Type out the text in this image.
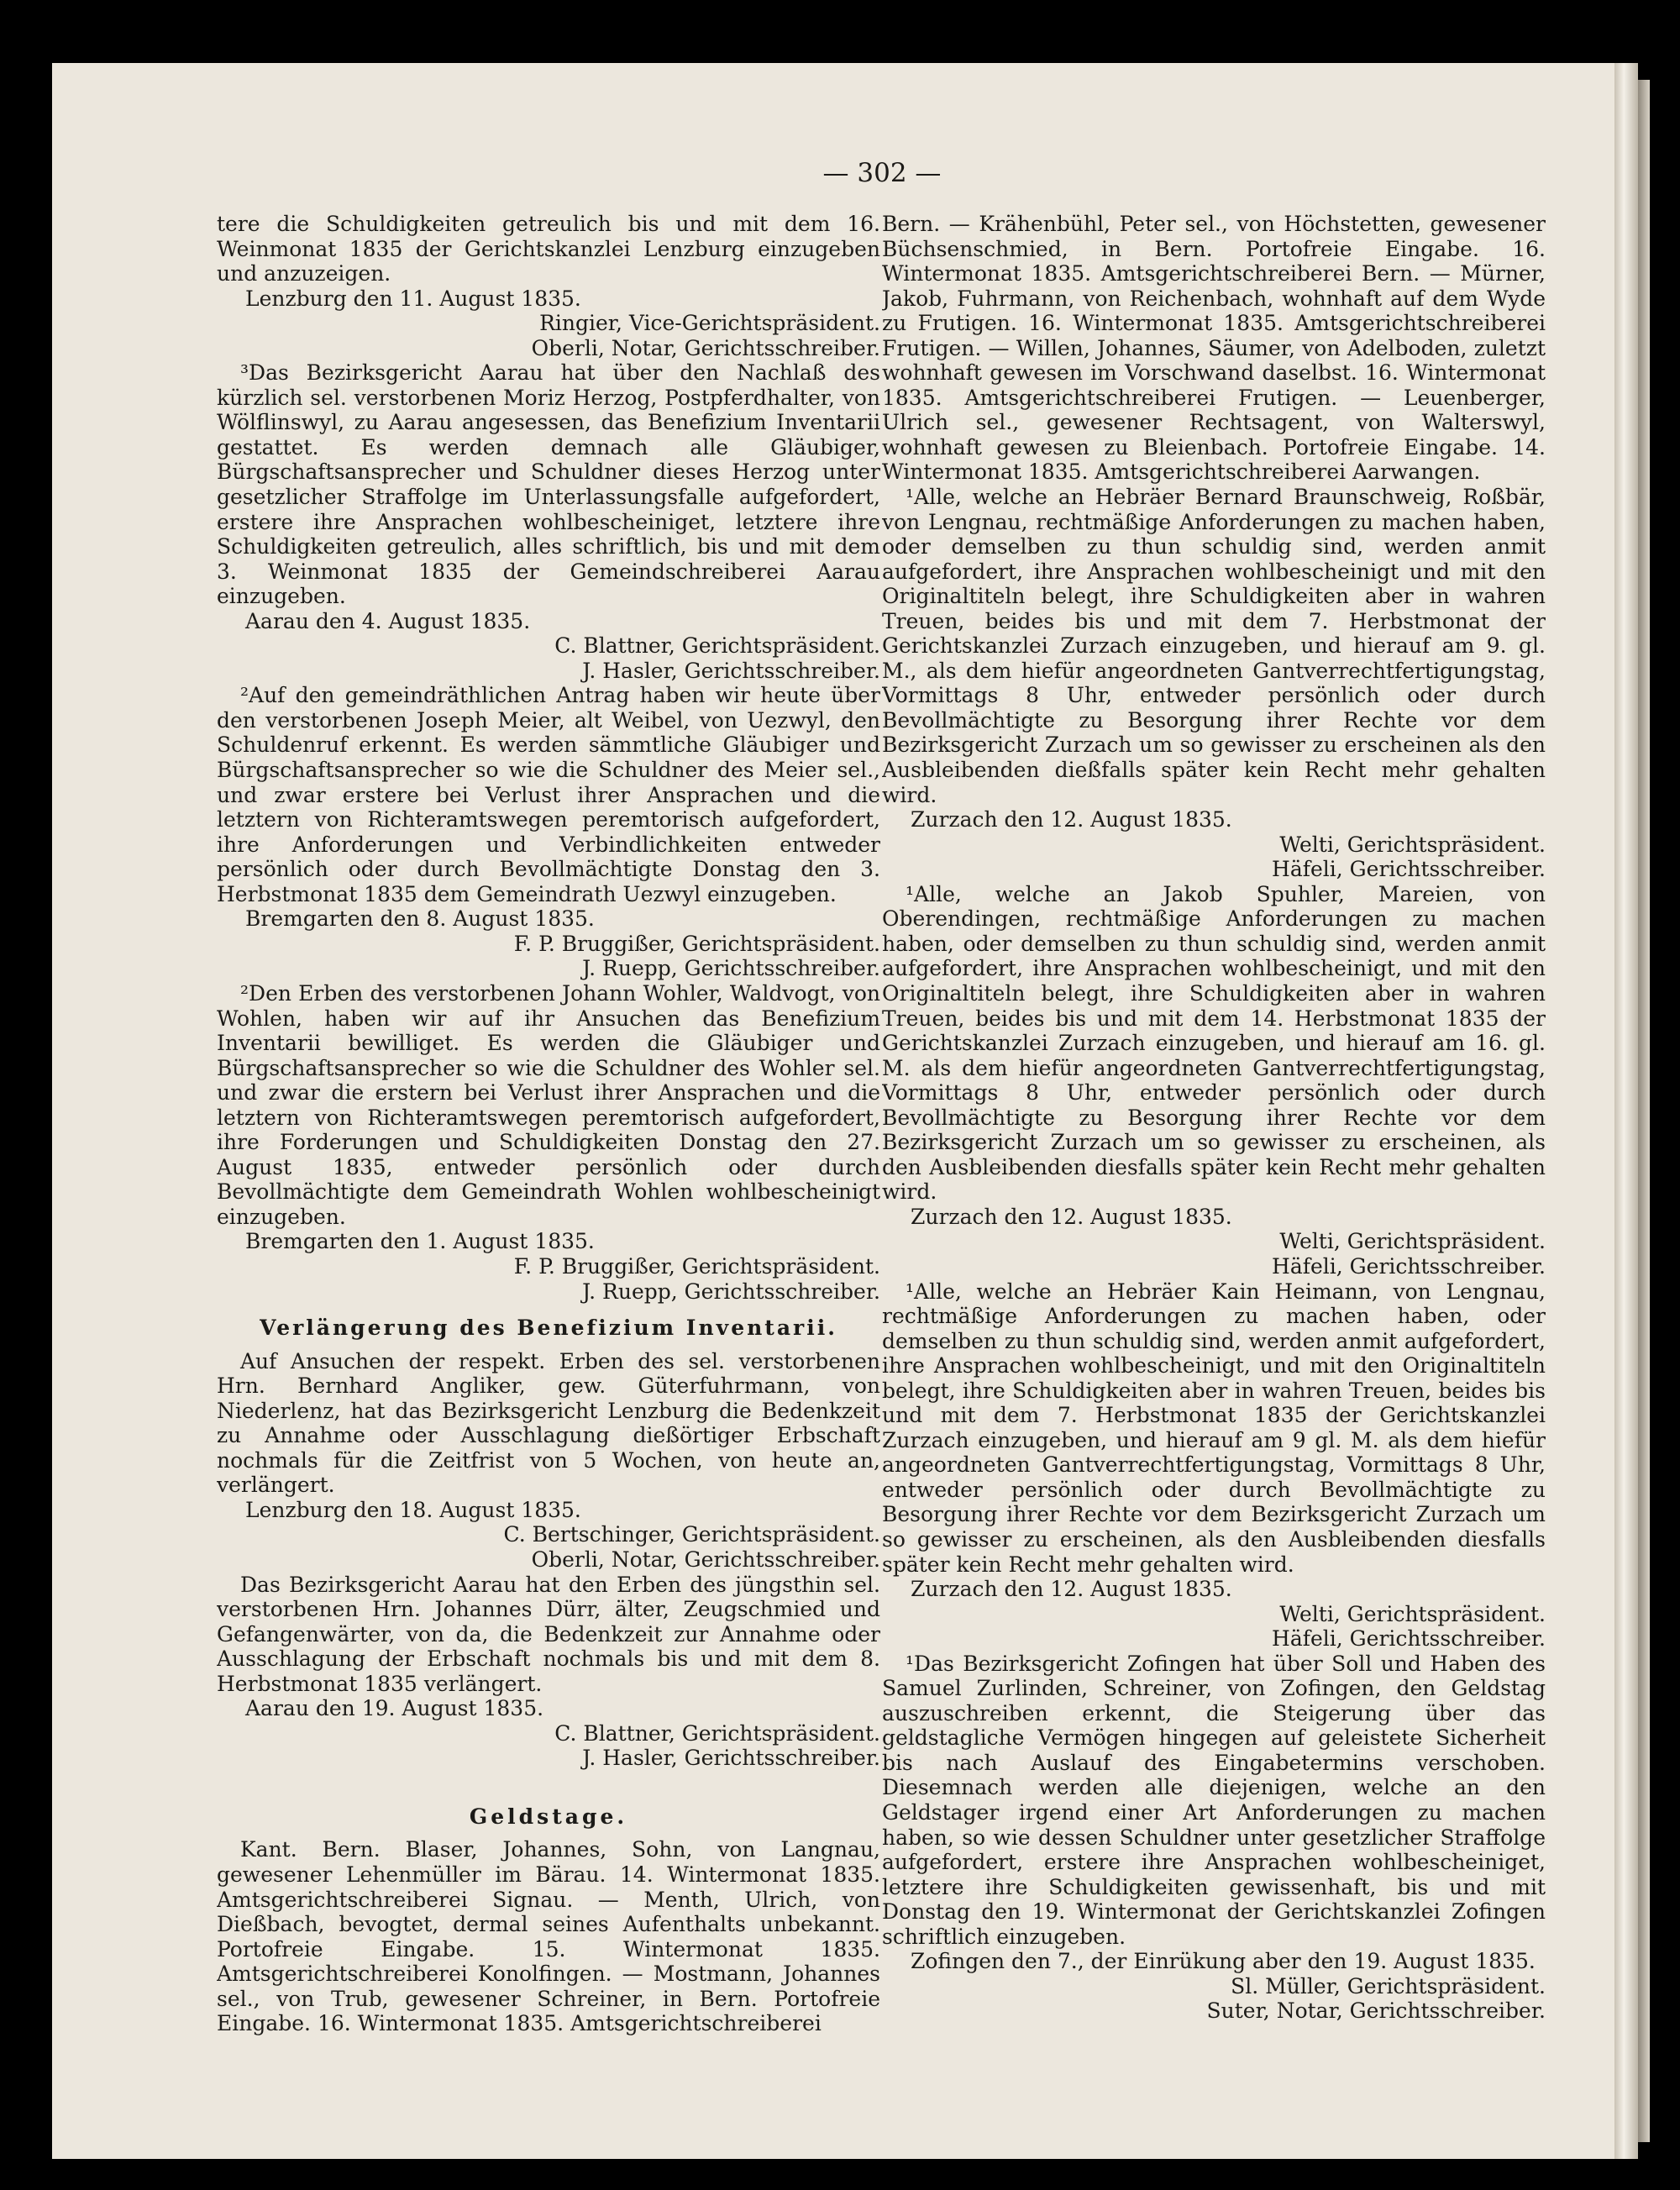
— 302 —

tere die Schuldigkeiten getreulich bis und mit dem 16. Weinmonat 1835 der Gerichtskanzlei Lenzburg einzugeben und anzuzeigen.

Lenzburg den 11. August 1835.

Ringier, Vice-Gerichtspräsident.

Oberli, Notar, Gerichtsschreiber.

³Das Bezirksgericht Aarau hat über den Nachlaß des kürzlich sel. verstorbenen Moriz Herzog, Postpferdhalter, von Wölflinswyl, zu Aarau angesessen, das Benefizium Inventarii gestattet. Es werden demnach alle Gläubiger, Bürgschaftsansprecher und Schuldner dieses Herzog unter gesetzlicher Straffolge im Unterlassungsfalle aufgefordert, erstere ihre Ansprachen wohlbescheiniget, letztere ihre Schuldigkeiten getreulich, alles schriftlich, bis und mit dem 3. Weinmonat 1835 der Gemeindschreiberei Aarau einzugeben.

Aarau den 4. August 1835.

C. Blattner, Gerichtspräsident.

J. Hasler, Gerichtsschreiber.

²Auf den gemeindräthlichen Antrag haben wir heute über den verstorbenen Joseph Meier, alt Weibel, von Uezwyl, den Schuldenruf erkennt. Es werden sämmtliche Gläubiger und Bürgschaftsansprecher so wie die Schuldner des Meier sel., und zwar erstere bei Verlust ihrer Ansprachen und die letztern von Richteramtswegen peremtorisch aufgefordert, ihre Anforderungen und Verbindlichkeiten entweder persönlich oder durch Bevollmächtigte Donstag den 3. Herbstmonat 1835 dem Gemeindrath Uezwyl einzugeben.

Bremgarten den 8. August 1835.

F. P. Bruggißer, Gerichtspräsident.

J. Ruepp, Gerichtsschreiber.

²Den Erben des verstorbenen Johann Wohler, Waldvogt, von Wohlen, haben wir auf ihr Ansuchen das Benefizium Inventarii bewilliget. Es werden die Gläubiger und Bürgschaftsansprecher so wie die Schuldner des Wohler sel. und zwar die erstern bei Verlust ihrer Ansprachen und die letztern von Richteramtswegen peremtorisch aufgefordert, ihre Forderungen und Schuldigkeiten Donstag den 27. August 1835, entweder persönlich oder durch Bevollmächtigte dem Gemeindrath Wohlen wohlbescheinigt einzugeben.

Bremgarten den 1. August 1835.

F. P. Bruggißer, Gerichtspräsident.

J. Ruepp, Gerichtsschreiber.

Verlängerung des Benefizium Inventarii.

Auf Ansuchen der respekt. Erben des sel. verstorbenen Hrn. Bernhard Angliker, gew. Güterfuhrmann, von Niederlenz, hat das Bezirksgericht Lenzburg die Bedenkzeit zu Annahme oder Ausschlagung dießörtiger Erbschaft nochmals für die Zeitfrist von 5 Wochen, von heute an, verlängert.

Lenzburg den 18. August 1835.

C. Bertschinger, Gerichtspräsident.

Oberli, Notar, Gerichtsschreiber.

Das Bezirksgericht Aarau hat den Erben des jüngsthin sel. verstorbenen Hrn. Johannes Dürr, älter, Zeugschmied und Gefangenwärter, von da, die Bedenkzeit zur Annahme oder Ausschlagung der Erbschaft nochmals bis und mit dem 8. Herbstmonat 1835 verlängert.

Aarau den 19. August 1835.

C. Blattner, Gerichtspräsident.

J. Hasler, Gerichtsschreiber.

Geldstage.

Kant. Bern. Blaser, Johannes, Sohn, von Langnau, gewesener Lehenmüller im Bärau. 14. Wintermonat 1835. Amtsgerichtschreiberei Signau. — Menth, Ulrich, von Dießbach, bevogtet, dermal seines Aufenthalts unbekannt. Portofreie Eingabe. 15. Wintermonat 1835. Amtsgerichtschreiberei Konolfingen. — Mostmann, Johannes sel., von Trub, gewesener Schreiner, in Bern. Portofreie Eingabe. 16. Wintermonat 1835. Amtsgerichtschreiberei

Bern. — Krähenbühl, Peter sel., von Höchstetten, gewesener Büchsenschmied, in Bern. Portofreie Eingabe. 16. Wintermonat 1835. Amtsgerichtschreiberei Bern. — Mürner, Jakob, Fuhrmann, von Reichenbach, wohnhaft auf dem Wyde zu Frutigen. 16. Wintermonat 1835. Amtsgerichtschreiberei Frutigen. — Willen, Johannes, Säumer, von Adelboden, zuletzt wohnhaft gewesen im Vorschwand daselbst. 16. Wintermonat 1835. Amtsgerichtschreiberei Frutigen. — Leuenberger, Ulrich sel., gewesener Rechtsagent, von Walterswyl, wohnhaft gewesen zu Bleienbach. Portofreie Eingabe. 14. Wintermonat 1835. Amtsgerichtschreiberei Aarwangen.

¹Alle, welche an Hebräer Bernard Braunschweig, Roßbär, von Lengnau, rechtmäßige Anforderungen zu machen haben, oder demselben zu thun schuldig sind, werden anmit aufgefordert, ihre Ansprachen wohlbescheinigt und mit den Originaltiteln belegt, ihre Schuldigkeiten aber in wahren Treuen, beides bis und mit dem 7. Herbstmonat der Gerichtskanzlei Zurzach einzugeben, und hierauf am 9. gl. M., als dem hiefür angeordneten Gantverrechtfertigungstag, Vormittags 8 Uhr, entweder persönlich oder durch Bevollmächtigte zu Besorgung ihrer Rechte vor dem Bezirksgericht Zurzach um so gewisser zu erscheinen als den Ausbleibenden dießfalls später kein Recht mehr gehalten wird.

Zurzach den 12. August 1835.

Welti, Gerichtspräsident.

Häfeli, Gerichtsschreiber.

¹Alle, welche an Jakob Spuhler, Mareien, von Oberendingen, rechtmäßige Anforderungen zu machen haben, oder demselben zu thun schuldig sind, werden anmit aufgefordert, ihre Ansprachen wohlbescheinigt, und mit den Originaltiteln belegt, ihre Schuldigkeiten aber in wahren Treuen, beides bis und mit dem 14. Herbstmonat 1835 der Gerichtskanzlei Zurzach einzugeben, und hierauf am 16. gl. M. als dem hiefür angeordneten Gantverrechtfertigungstag, Vormittags 8 Uhr, entweder persönlich oder durch Bevollmächtigte zu Besorgung ihrer Rechte vor dem Bezirksgericht Zurzach um so gewisser zu erscheinen, als den Ausbleibenden diesfalls später kein Recht mehr gehalten wird.

Zurzach den 12. August 1835.

Welti, Gerichtspräsident.

Häfeli, Gerichtsschreiber.

¹Alle, welche an Hebräer Kain Heimann, von Lengnau, rechtmäßige Anforderungen zu machen haben, oder demselben zu thun schuldig sind, werden anmit aufgefordert, ihre Ansprachen wohlbescheinigt, und mit den Originaltiteln belegt, ihre Schuldigkeiten aber in wahren Treuen, beides bis und mit dem 7. Herbstmonat 1835 der Gerichtskanzlei Zurzach einzugeben, und hierauf am 9 gl. M. als dem hiefür angeordneten Gantverrechtfertigungstag, Vormittags 8 Uhr, entweder persönlich oder durch Bevollmächtigte zu Besorgung ihrer Rechte vor dem Bezirksgericht Zurzach um so gewisser zu erscheinen, als den Ausbleibenden diesfalls später kein Recht mehr gehalten wird.

Zurzach den 12. August 1835.

Welti, Gerichtspräsident.

Häfeli, Gerichtsschreiber.

¹Das Bezirksgericht Zofingen hat über Soll und Haben des Samuel Zurlinden, Schreiner, von Zofingen, den Geldstag auszuschreiben erkennt, die Steigerung über das geldstagliche Vermögen hingegen auf geleistete Sicherheit bis nach Auslauf des Eingabetermins verschoben. Diesemnach werden alle diejenigen, welche an den Geldstager irgend einer Art Anforderungen zu machen haben, so wie dessen Schuldner unter gesetzlicher Straffolge aufgefordert, erstere ihre Ansprachen wohlbescheiniget, letztere ihre Schuldigkeiten gewissenhaft, bis und mit Donstag den 19. Wintermonat der Gerichtskanzlei Zofingen schriftlich einzugeben.

Zofingen den 7., der Einrükung aber den 19. August 1835.

Sl. Müller, Gerichtspräsident.

Suter, Notar, Gerichtsschreiber.
